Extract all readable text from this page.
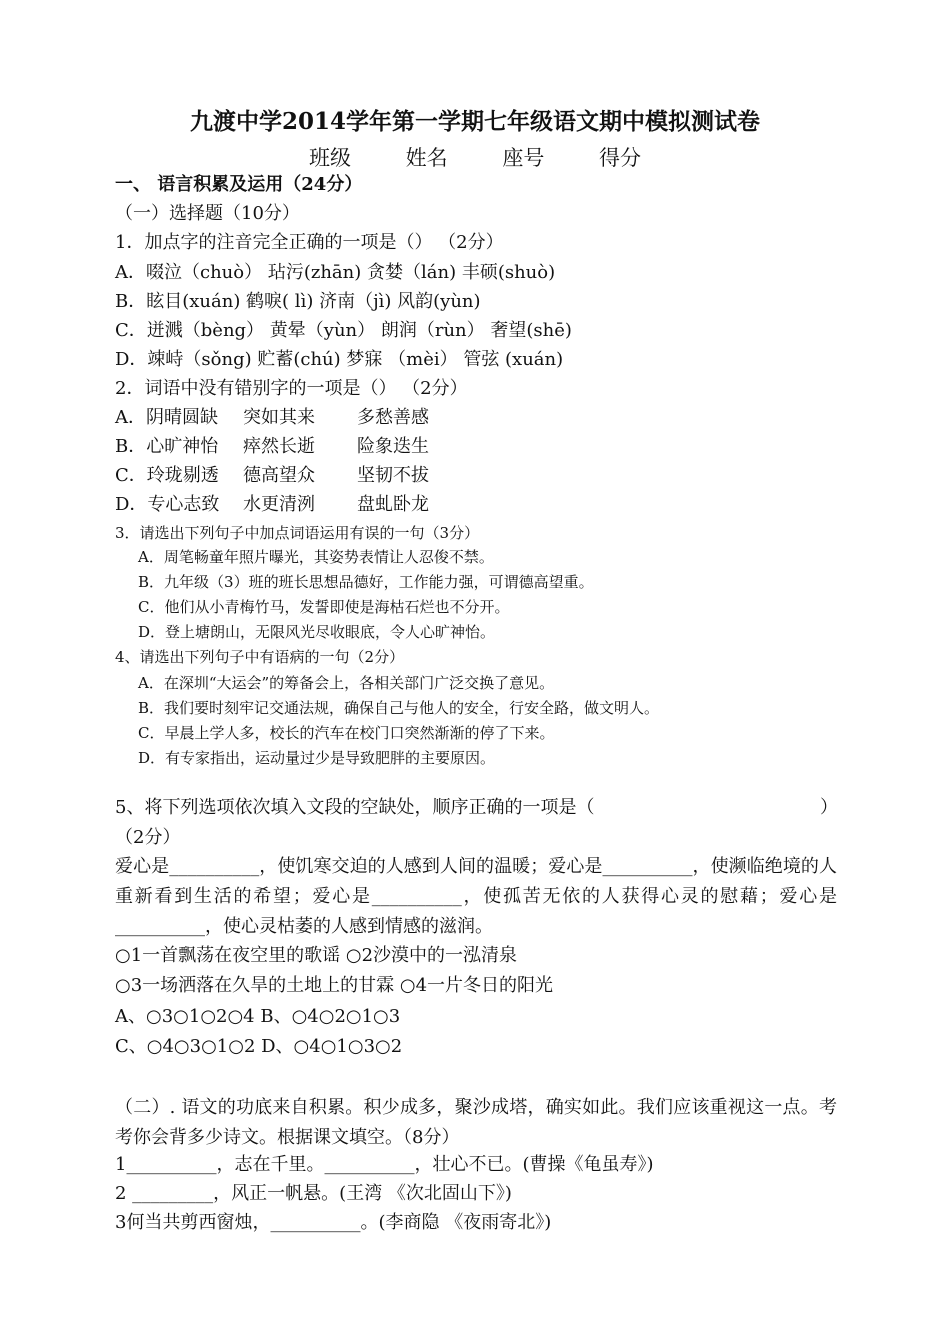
九渡中学2014学年第一学期七年级语文期中模拟测试卷
班级	姓名	座号	得分
一、 语言积累及运用（24分）
（一）选择题（10分）
1．加点字的注音完全正确的一项是（） （2分）
A．啜泣（chuò） 玷污(zhān) 贪婪（lán) 丰硕(shuò)
B．眩目(xuán) 鹤唳( lì) 济南（jì) 风韵(yùn)
C．迸溅（bèng） 黄晕（yùn） 朗润（rùn） 奢望(shē)
D．竦峙（sǒng) 贮蓄(chú) 梦寐 （mèi） 管弦 (xuán)
2．词语中没有错别字的一项是（） （2分）
A．阴晴圆缺 突如其来 多愁善感
B．心旷神怡 瘁然长逝 险象迭生
C．玲珑剔透 德高望众 坚韧不拔
D．专心志致 水更清洌 盘虬卧龙
3．请选出下列句子中加点词语运用有误的一句（3分）
A．周笔畅童年照片曝光，其姿势表情让人忍俊不禁。
B．九年级（3）班的班长思想品德好，工作能力强，可谓德高望重。
C．他们从小青梅竹马，发誓即使是海枯石烂也不分开。
D．登上塘朗山，无限风光尽收眼底，令人心旷神怡。
4、请选出下列句子中有语病的一句（2分）
A．在深圳“大运会”的筹备会上，各相关部门广泛交换了意见。
B．我们要时刻牢记交通法规，确保自己与他人的安全，行安全路，做文明人。
C．早晨上学人多，校长的汽车在校门口突然渐渐的停了下来。
D．有专家指出，运动量过少是导致肥胖的主要原因。
5、将下列选项依次填入文段的空缺处，顺序正确的一项是（	）
（2分）
爱心是__________，使饥寒交迫的人感到人间的温暖；爱心是__________，使濒临绝境的人重新看到生活的希望；爱心是__________，使孤苦无依的人获得心灵的慰藉；爱心是__________，使心灵枯萎的人感到情感的滋润。
○1一首飘荡在夜空里的歌谣 ○2沙漠中的一泓清泉
○3一场洒落在久旱的土地上的甘霖 ○4一片冬日的阳光
A、○3○1○2○4 B、○4○2○1○3
C、○4○3○1○2 D、○4○1○3○2
（二）. 语文的功底来自积累。积少成多，聚沙成塔，确实如此。我们应该重视这一点。考考你会背多少诗文。根据课文填空。（8分）
1__________，志在千里。__________，壮心不已。(曹操《龟虽寿》)
2 _________，风正一帆悬。(王湾 《次北固山下》)
3何当共剪西窗烛，__________。(李商隐 《夜雨寄北》)
